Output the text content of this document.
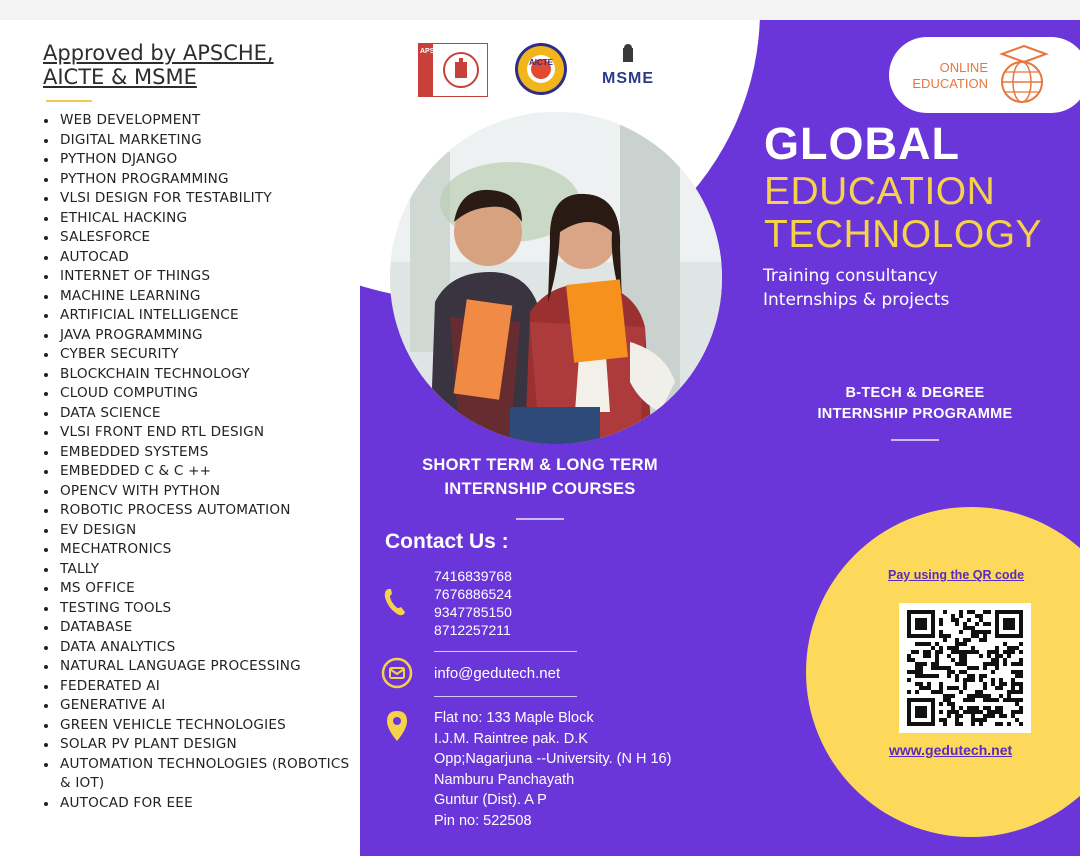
Approved by APSCHE,
AICTE & MSME
WEB DEVELOPMENT
DIGITAL MARKETING
PYTHON DJANGO
PYTHON PROGRAMMING
VLSI DESIGN FOR TESTABILITY
ETHICAL HACKING
SALESFORCE
AUTOCAD
INTERNET OF THINGS
MACHINE LEARNING
ARTIFICIAL INTELLIGENCE
JAVA PROGRAMMING
CYBER SECURITY
BLOCKCHAIN TECHNOLOGY
CLOUD COMPUTING
DATA SCIENCE
VLSI FRONT END RTL DESIGN
EMBEDDED SYSTEMS
EMBEDDED C & C ++
OPENCV WITH PYTHON
ROBOTIC PROCESS AUTOMATION
EV DESIGN
MECHATRONICS
TALLY
MS OFFICE
TESTING TOOLS
DATABASE
DATA ANALYTICS
NATURAL LANGUAGE PROCESSING
FEDERATED AI
GENERATIVE AI
GREEN VEHICLE TECHNOLOGIES
SOLAR PV PLANT DESIGN
AUTOMATION TECHNOLOGIES (ROBOTICS & IOT)
AUTOCAD FOR EEE
APSCHE
AICTE
MSME
ONLINE
EDUCATION
GLOBAL
EDUCATION
TECHNOLOGY
Training consultancy
Internships & projects
B-TECH & DEGREE
INTERNSHIP PROGRAMME
SHORT TERM & LONG TERM
INTERNSHIP COURSES
Contact Us :
7416839768
7676886524
9347785150
8712257211
info@gedutech.net
Flat no: 133 Maple Block
I.J.M. Raintree pak. D.K
Opp;Nagarjuna --University. (N H 16)
Namburu Panchayath
Guntur (Dist). A P
Pin no: 522508
Pay using the QR code
www.gedutech.net
